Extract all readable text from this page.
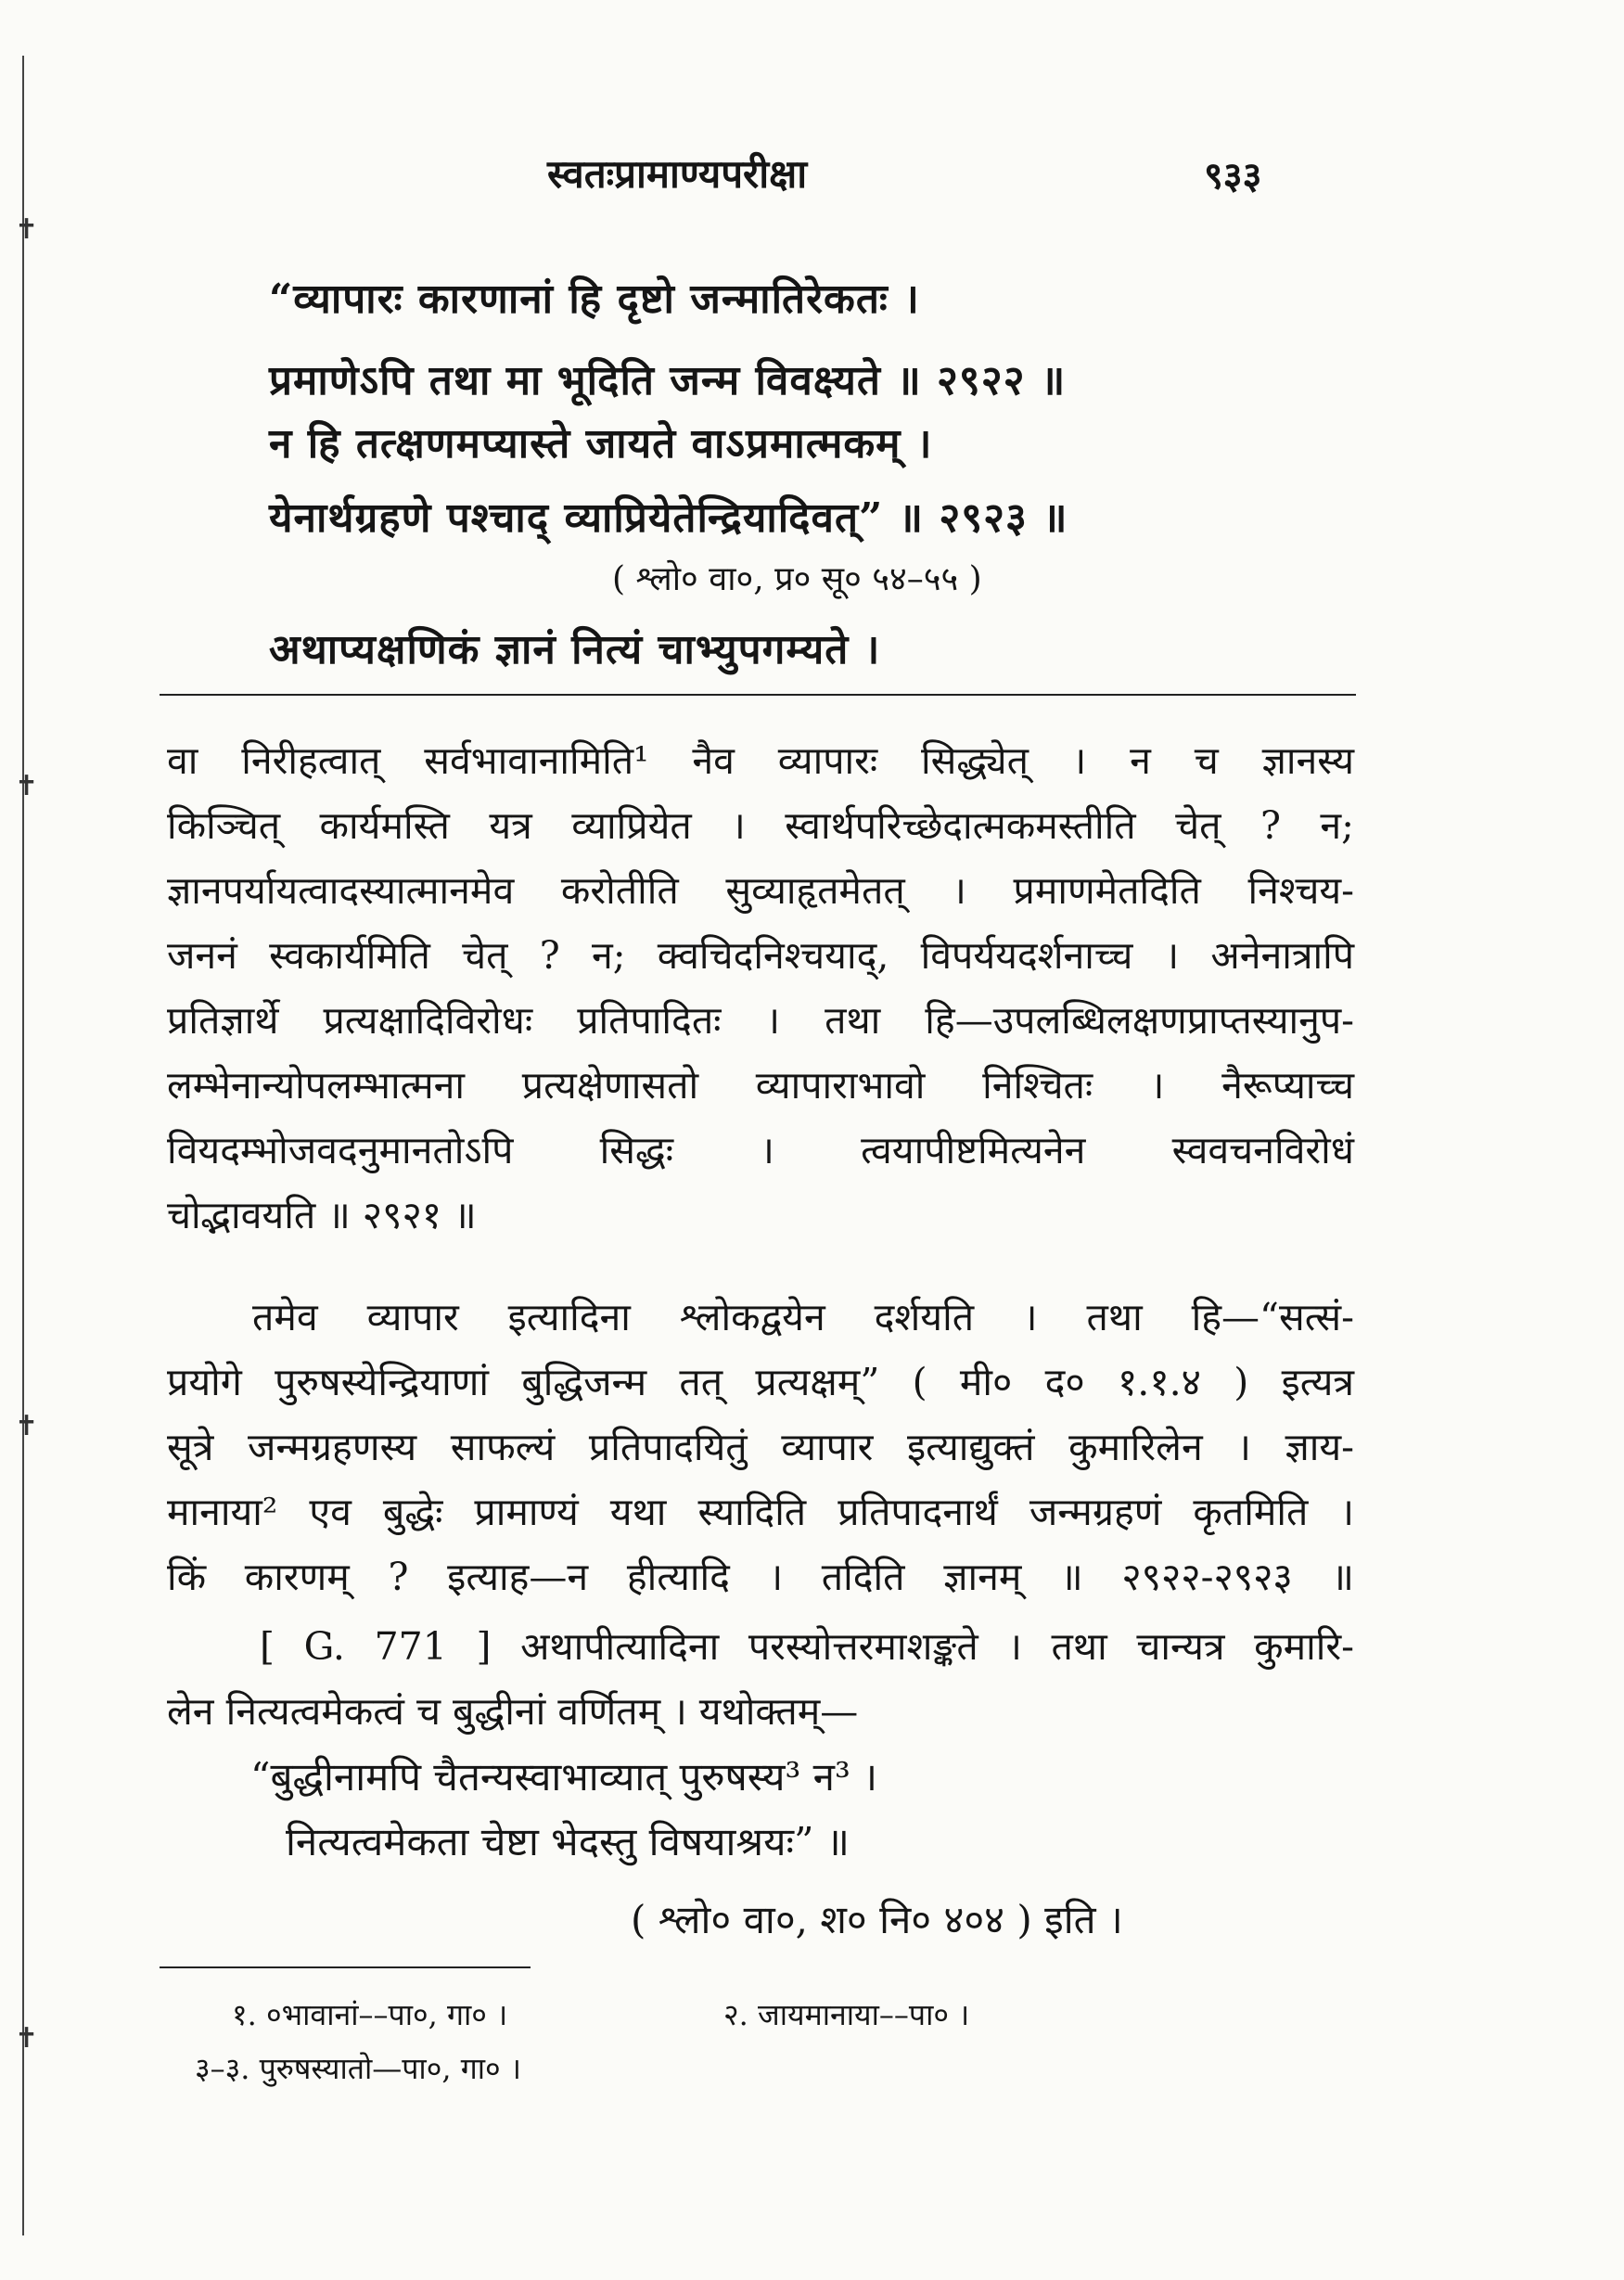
✝
✝
✝
✝
स्वतःप्रामाण्यपरीक्षा	९३३
“व्यापारः कारणानां हि दृष्टो जन्मातिरेकतः ।
प्रमाणेऽपि तथा मा भूदिति जन्म विवक्ष्यते ॥ २९२२ ॥
न हि तत्क्षणमप्यास्ते जायते वाऽप्रमात्मकम् ।
येनार्थग्रहणे पश्चाद् व्याप्रियेतेन्द्रियादिवत्” ॥ २९२३ ॥
( श्लो० वा०, प्र० सू० ५४–५५ )
अथाप्यक्षणिकं ज्ञानं नित्यं चाभ्युपगम्यते ।
वा निरीहत्वात् सर्वभावानामिति¹ नैव व्यापारः सिद्ध्येत् । न च ज्ञानस्य
किञ्चित् कार्यमस्ति यत्र व्याप्रियेत । स्वार्थपरिच्छेदात्मकमस्तीति चेत् ? न;
ज्ञानपर्यायत्वादस्यात्मानमेव करोतीति सुव्याहृतमेतत् । प्रमाणमेतदिति निश्चय-
जननं स्वकार्यमिति चेत् ? न; क्वचिदनिश्चयाद्, विपर्ययदर्शनाच्च । अनेनात्रापि
प्रतिज्ञार्थे प्रत्यक्षादिविरोधः प्रतिपादितः । तथा हि—उपलब्धिलक्षणप्राप्तस्यानुप-
लम्भेनान्योपलम्भात्मना प्रत्यक्षेणासतो व्यापाराभावो निश्चितः । नैरूप्याच्च
वियदम्भोजवदनुमानतोऽपि सिद्धः । त्वयापीष्टमित्यनेन स्ववचनविरोधं
चोद्भावयति ॥ २९२१ ॥
तमेव व्यापार इत्यादिना श्लोकद्वयेन दर्शयति । तथा हि—“सत्सं-
प्रयोगे पुरुषस्येन्द्रियाणां बुद्धिजन्म तत् प्रत्यक्षम्” ( मी० द० १.१.४ ) इत्यत्र
सूत्रे जन्मग्रहणस्य साफल्यं प्रतिपादयितुं व्यापार इत्याद्युक्तं कुमारिलेन । ज्ञाय-
मानाया² एव बुद्धेः प्रामाण्यं यथा स्यादिति प्रतिपादनार्थं जन्मग्रहणं कृतमिति ।
किं कारणम् ? इत्याह—न हीत्यादि । तदिति ज्ञानम् ॥ २९२२-२९२३ ॥
[ G. 771 ] अथापीत्यादिना परस्योत्तरमाशङ्कते । तथा चान्यत्र कुमारि-
लेन नित्यत्वमेकत्वं च बुद्धीनां वर्णितम् । यथोक्तम्—
“बुद्धीनामपि चैतन्यस्वाभाव्यात् पुरुषस्य³ न³ ।
नित्यत्वमेकता चेष्टा भेदस्तु विषयाश्रयः” ॥
( श्लो० वा०, श० नि० ४०४ ) इति ।
१. ०भावानां––पा०, गा० ।	२. जायमानाया––पा० ।
३–३. पुरुषस्यातो—पा०, गा० ।
